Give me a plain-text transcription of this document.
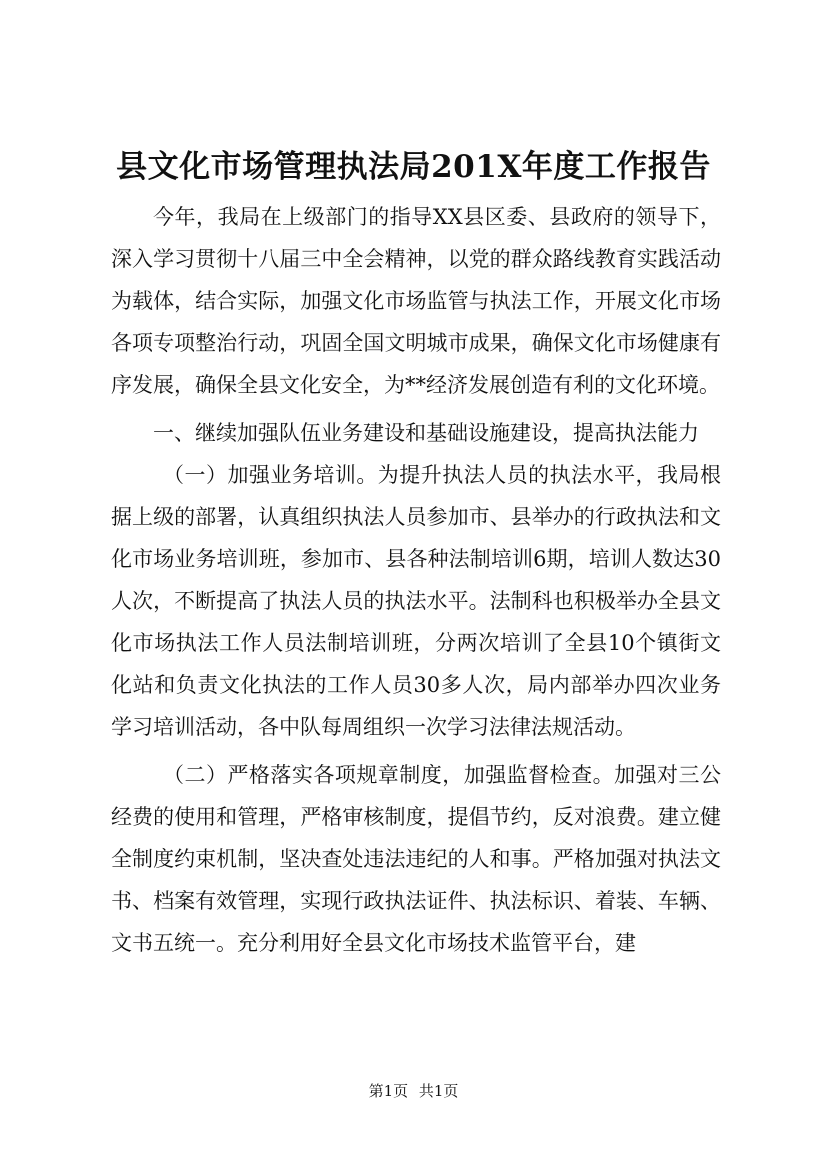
县文化市场管理执法局201X年度工作报告

今年，我局在上级部门的指导XX县区委、县政府的领导下，深入学习贯彻十八届三中全会精神，以党的群众路线教育实践活动为载体，结合实际，加强文化市场监管与执法工作，开展文化市场各项专项整治行动，巩固全国文明城市成果，确保文化市场健康有序发展，确保全县文化安全，为**经济发展创造有利的文化环境。

一、继续加强队伍业务建设和基础设施建设，提高执法能力

（一）加强业务培训。为提升执法人员的执法水平，我局根据上级的部署，认真组织执法人员参加市、县举办的行政执法和文化市场业务培训班，参加市、县各种法制培训6期，培训人数达30人次，不断提高了执法人员的执法水平。法制科也积极举办全县文化市场执法工作人员法制培训班，分两次培训了全县10个镇街文化站和负责文化执法的工作人员30多人次，局内部举办四次业务学习培训活动，各中队每周组织一次学习法律法规活动。

（二）严格落实各项规章制度，加强监督检查。加强对三公经费的使用和管理，严格审核制度，提倡节约，反对浪费。建立健全制度约束机制，坚决查处违法违纪的人和事。严格加强对执法文书、档案有效管理，实现行政执法证件、执法标识、着装、车辆、文书五统一。充分利用好全县文化市场技术监管平台，建

第1页 共1页
